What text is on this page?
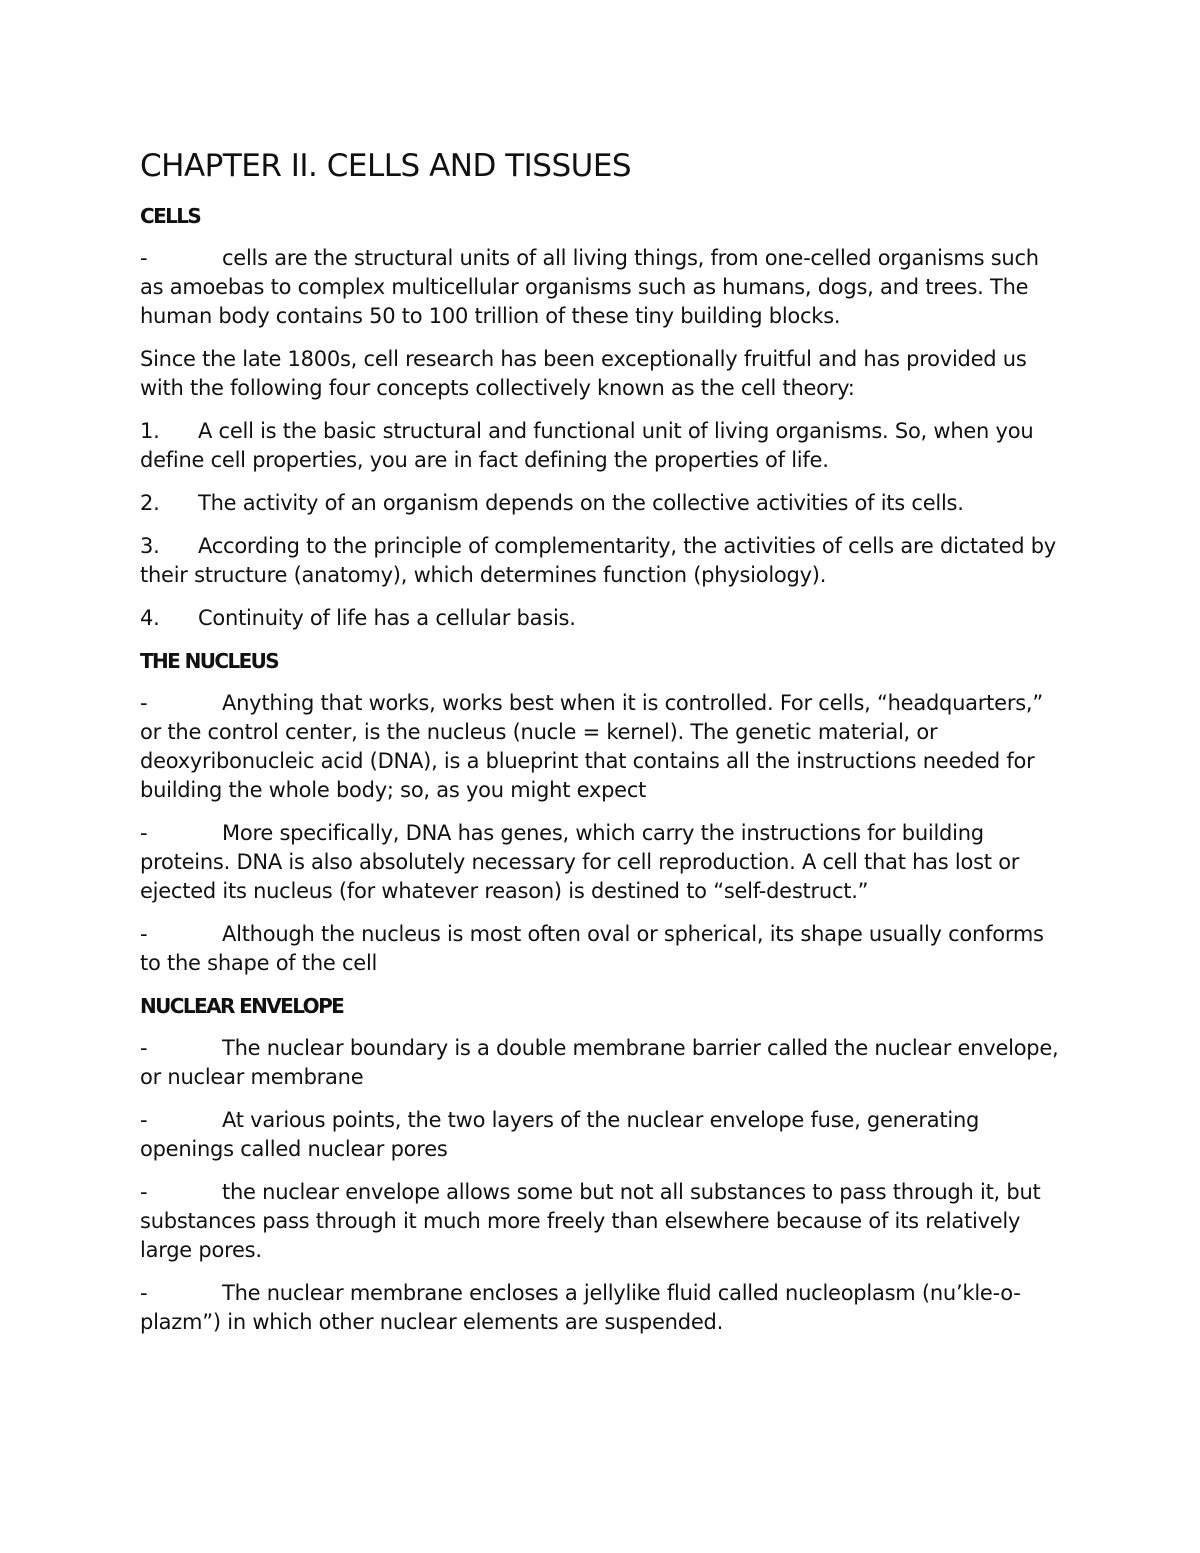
CHAPTER II. CELLS AND TISSUES
CELLS

-	cells are the structural units of all living things, from one-celled organisms such as amoebas to complex multicellular organisms such as humans, dogs, and trees. The human body contains 50 to 100 trillion of these tiny building blocks.

Since the late 1800s, cell research has been exceptionally fruitful and has provided us with the following four concepts collectively known as the cell theory:

1. A cell is the basic structural and functional unit of living organisms. So, when you define cell properties, you are in fact defining the properties of life.

2. The activity of an organism depends on the collective activities of its cells.

3. According to the principle of complementarity, the activities of cells are dictated by their structure (anatomy), which determines function (physiology).

4. Continuity of life has a cellular basis.

THE NUCLEUS

-	Anything that works, works best when it is controlled. For cells, “headquarters,” or the control center, is the nucleus (nucle = kernel). The genetic material, or deoxyribonucleic acid (DNA), is a blueprint that contains all the instructions needed for building the whole body; so, as you might expect

-	More specifically, DNA has genes, which carry the instructions for building proteins. DNA is also absolutely necessary for cell reproduction. A cell that has lost or ejected its nucleus (for whatever reason) is destined to “self-destruct.”

-	Although the nucleus is most often oval or spherical, its shape usually conforms to the shape of the cell

NUCLEAR ENVELOPE

-	The nuclear boundary is a double membrane barrier called the nuclear envelope, or nuclear membrane

-	At various points, the two layers of the nuclear envelope fuse, generating openings called nuclear pores

-	the nuclear envelope allows some but not all substances to pass through it, but substances pass through it much more freely than elsewhere because of its relatively large pores.

-	The nuclear membrane encloses a jellylike fluid called nucleoplasm (nu’kle-o-plazm”) in which other nuclear elements are suspended.
